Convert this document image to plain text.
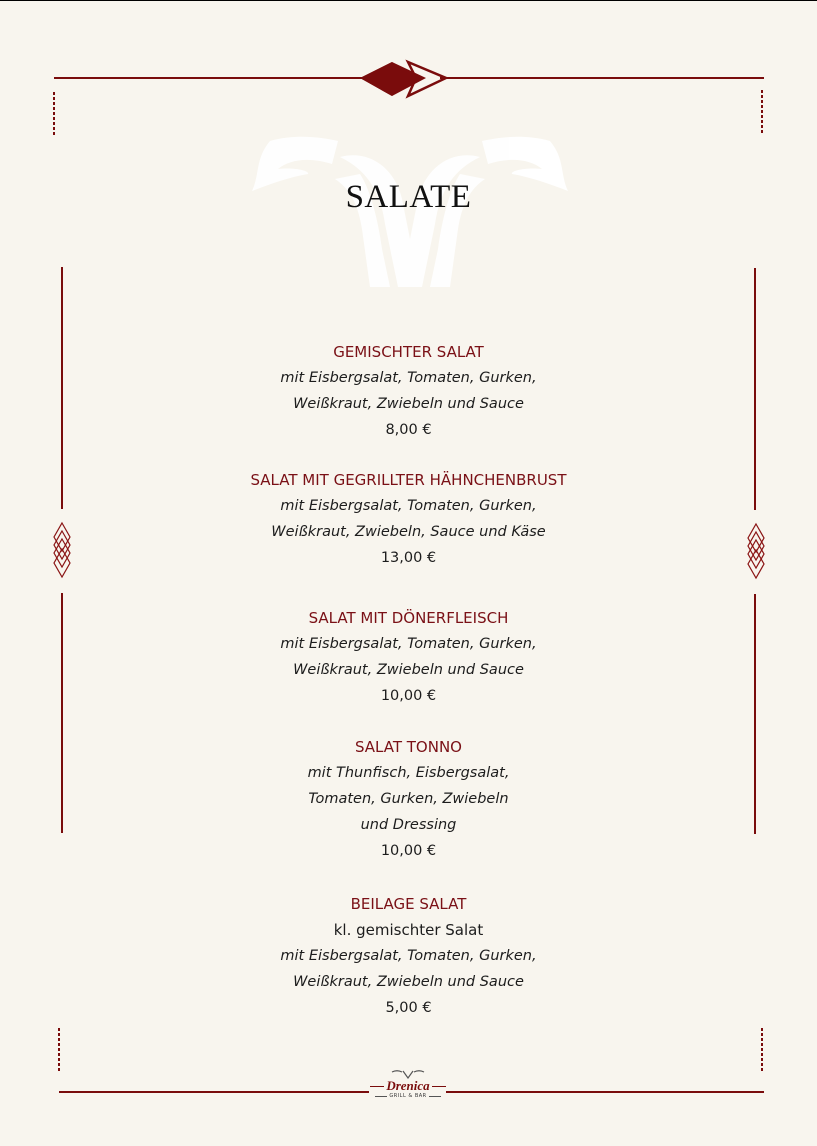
SALATE
GEMISCHTER SALAT
mit Eisbergsalat, Tomaten, Gurken,
Weißkraut, Zwiebeln und Sauce
8,00 €
SALAT MIT GEGRILLTER HÄHNCHENBRUST
mit Eisbergsalat, Tomaten, Gurken,
Weißkraut, Zwiebeln, Sauce und Käse
13,00 €
SALAT MIT DÖNERFLEISCH
mit Eisbergsalat, Tomaten, Gurken,
Weißkraut, Zwiebeln und Sauce
10,00 €
SALAT TONNO
mit Thunfisch, Eisbergsalat,
Tomaten, Gurken, Zwiebeln
und Dressing
10,00 €
BEILAGE SALAT
kl. gemischter Salat
mit Eisbergsalat, Tomaten, Gurken,
Weißkraut, Zwiebeln und Sauce
5,00 €
Drenica
GRILL & BAR
